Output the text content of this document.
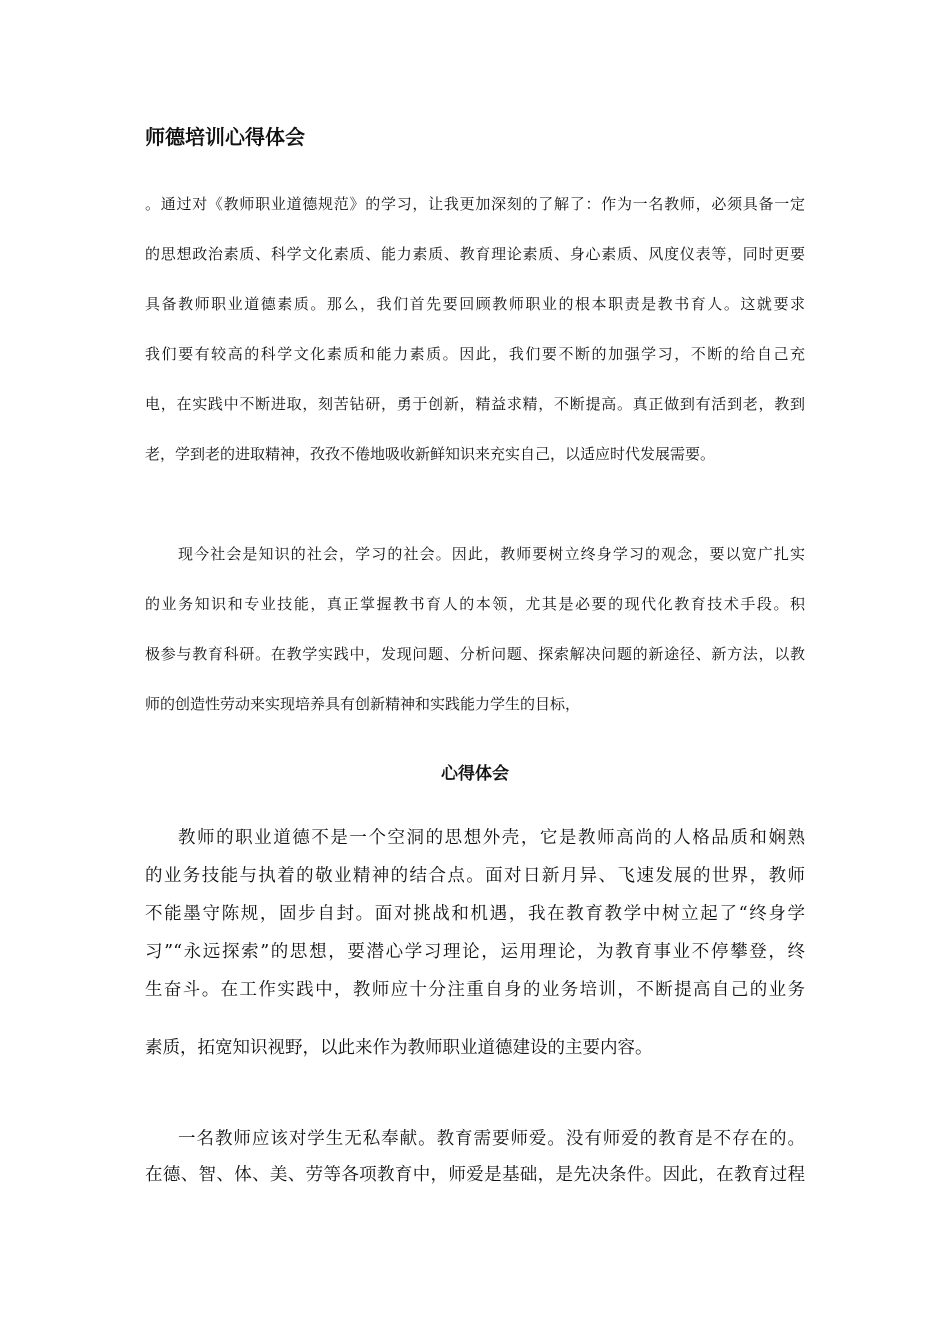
师德培训心得体会

。通过对《教师职业道德规范》的学习，让我更加深刻的了解了：作为一名教师，必须具备一定

的思想政治素质、科学文化素质、能力素质、教育理论素质、身心素质、风度仪表等，同时更要

具备教师职业道德素质。那么，我们首先要回顾教师职业的根本职责是教书育人。这就要求

我们要有较高的科学文化素质和能力素质。因此，我们要不断的加强学习，不断的给自己充

电，在实践中不断进取，刻苦钻研，勇于创新，精益求精，不断提高。真正做到有活到老，教到

老，学到老的进取精神，孜孜不倦地吸收新鲜知识来充实自己，以适应时代发展需要。

现今社会是知识的社会，学习的社会。因此，教师要树立终身学习的观念，要以宽广扎实

的业务知识和专业技能，真正掌握教书育人的本领，尤其是必要的现代化教育技术手段。积

极参与教育科研。在教学实践中，发现问题、分析问题、探索解决问题的新途径、新方法，以教

师的创造性劳动来实现培养具有创新精神和实践能力学生的目标，

心得体会

教师的职业道德不是一个空洞的思想外壳，它是教师高尚的人格品质和娴熟

的业务技能与执着的敬业精神的结合点。面对日新月异、飞速发展的世界，教师

不能墨守陈规，固步自封。面对挑战和机遇，我在教育教学中树立起了“终身学

习”“永远探索”的思想，要潜心学习理论，运用理论，为教育事业不停攀登，终

生奋斗。在工作实践中，教师应十分注重自身的业务培训，不断提高自己的业务

素质，拓宽知识视野，以此来作为教师职业道德建设的主要内容。

一名教师应该对学生无私奉献。教育需要师爱。没有师爱的教育是不存在的。

在德、智、体、美、劳等各项教育中，师爱是基础，是先决条件。因此，在教育过程
